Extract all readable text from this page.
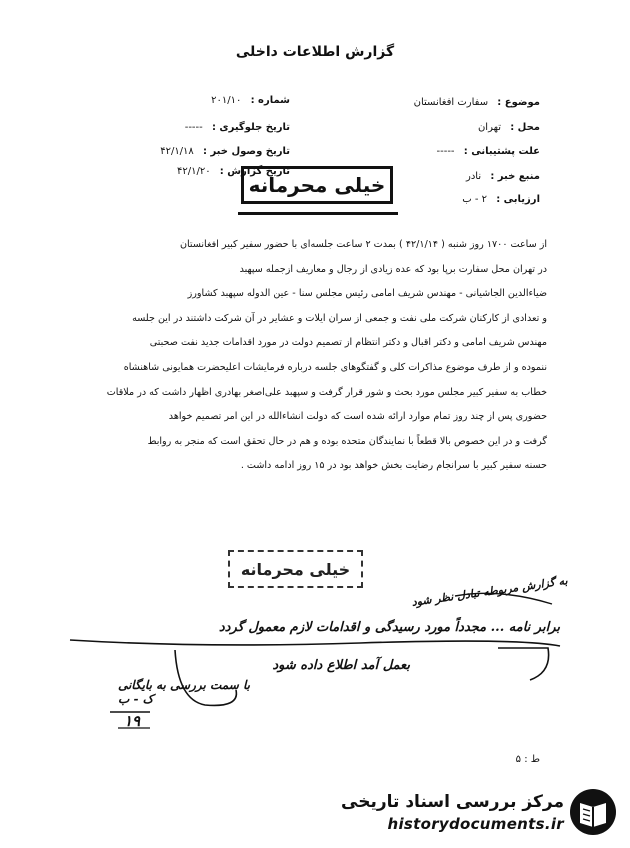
گزارش اطلاعات داخلی
موضوع : سفارت افغانستان
محل : تهران
علت پشتیبانی : -----
منبع خبر : نادر
ارزیابی : ۲ - ب
شماره : ۲۰۱/۱۰
تاریخ جلوگیری : -----
تاریخ وصول خبر : ۴۲/۱/۱۸
تاریخ گزارش : ۴۲/۱/۲۰
خیلی محرمانه

از ساعت ۱۷۰۰ روز شنبه ( ۴۲/۱/۱۴ ) بمدت ۲ ساعت جلسه‌ای با حضور سفیر کبیر افغانستان

در تهران محل سفارت برپا بود که عده زیادی از رجال و معاریف ازجمله سپهبد

ضیاءالدین الجاشیانی - مهندس شریف امامی رئیس مجلس سنا - عین الدوله سپهبد کشاورز

و تعدادی از کارکنان شرکت ملی نفت و جمعی از سران ایلات و عشایر در آن شرکت داشتند در این جلسه

مهندس شریف امامی و دکتر اقبال و دکتر انتظام از تصمیم دولت در مورد اقدامات جدید نفت صحبتی

ننموده و از طرف موضوع مذاکرات کلی و گفتگوهای جلسه درباره فرمایشات اعلیحضرت همایونی شاهنشاه

خطاب به سفیر کبیر مجلس مورد بحث و شور قرار گرفت و سپهبد علی‌اصغر بهادری اظهار داشت که در ملاقات

حضوری پس از چند روز تمام موارد ارائه شده است که دولت انشاءالله در این امر تصمیم خواهد

گرفت و در این خصوص بالا قطعاً با نمایندگان متحده بوده و هم در حال تحقق است که منجر به روابط

حسنه سفیر کبیر با سرانجام رضایت بخش خواهد بود در ۱۵ روز ادامه داشت .

خیلی محرمانه
به گزارش مربوطه تبادل نظر شود
برابر نامه ... مجدداً مورد رسیدگی و اقدامات لازم معمول گردد
بعمل آمد اطلاع داده شود
با سمت بررسی به بایگانی
ک - ب
۱۹
ط : ۵
مرکز بررسی اسناد تاریخی
historydocuments.ir
